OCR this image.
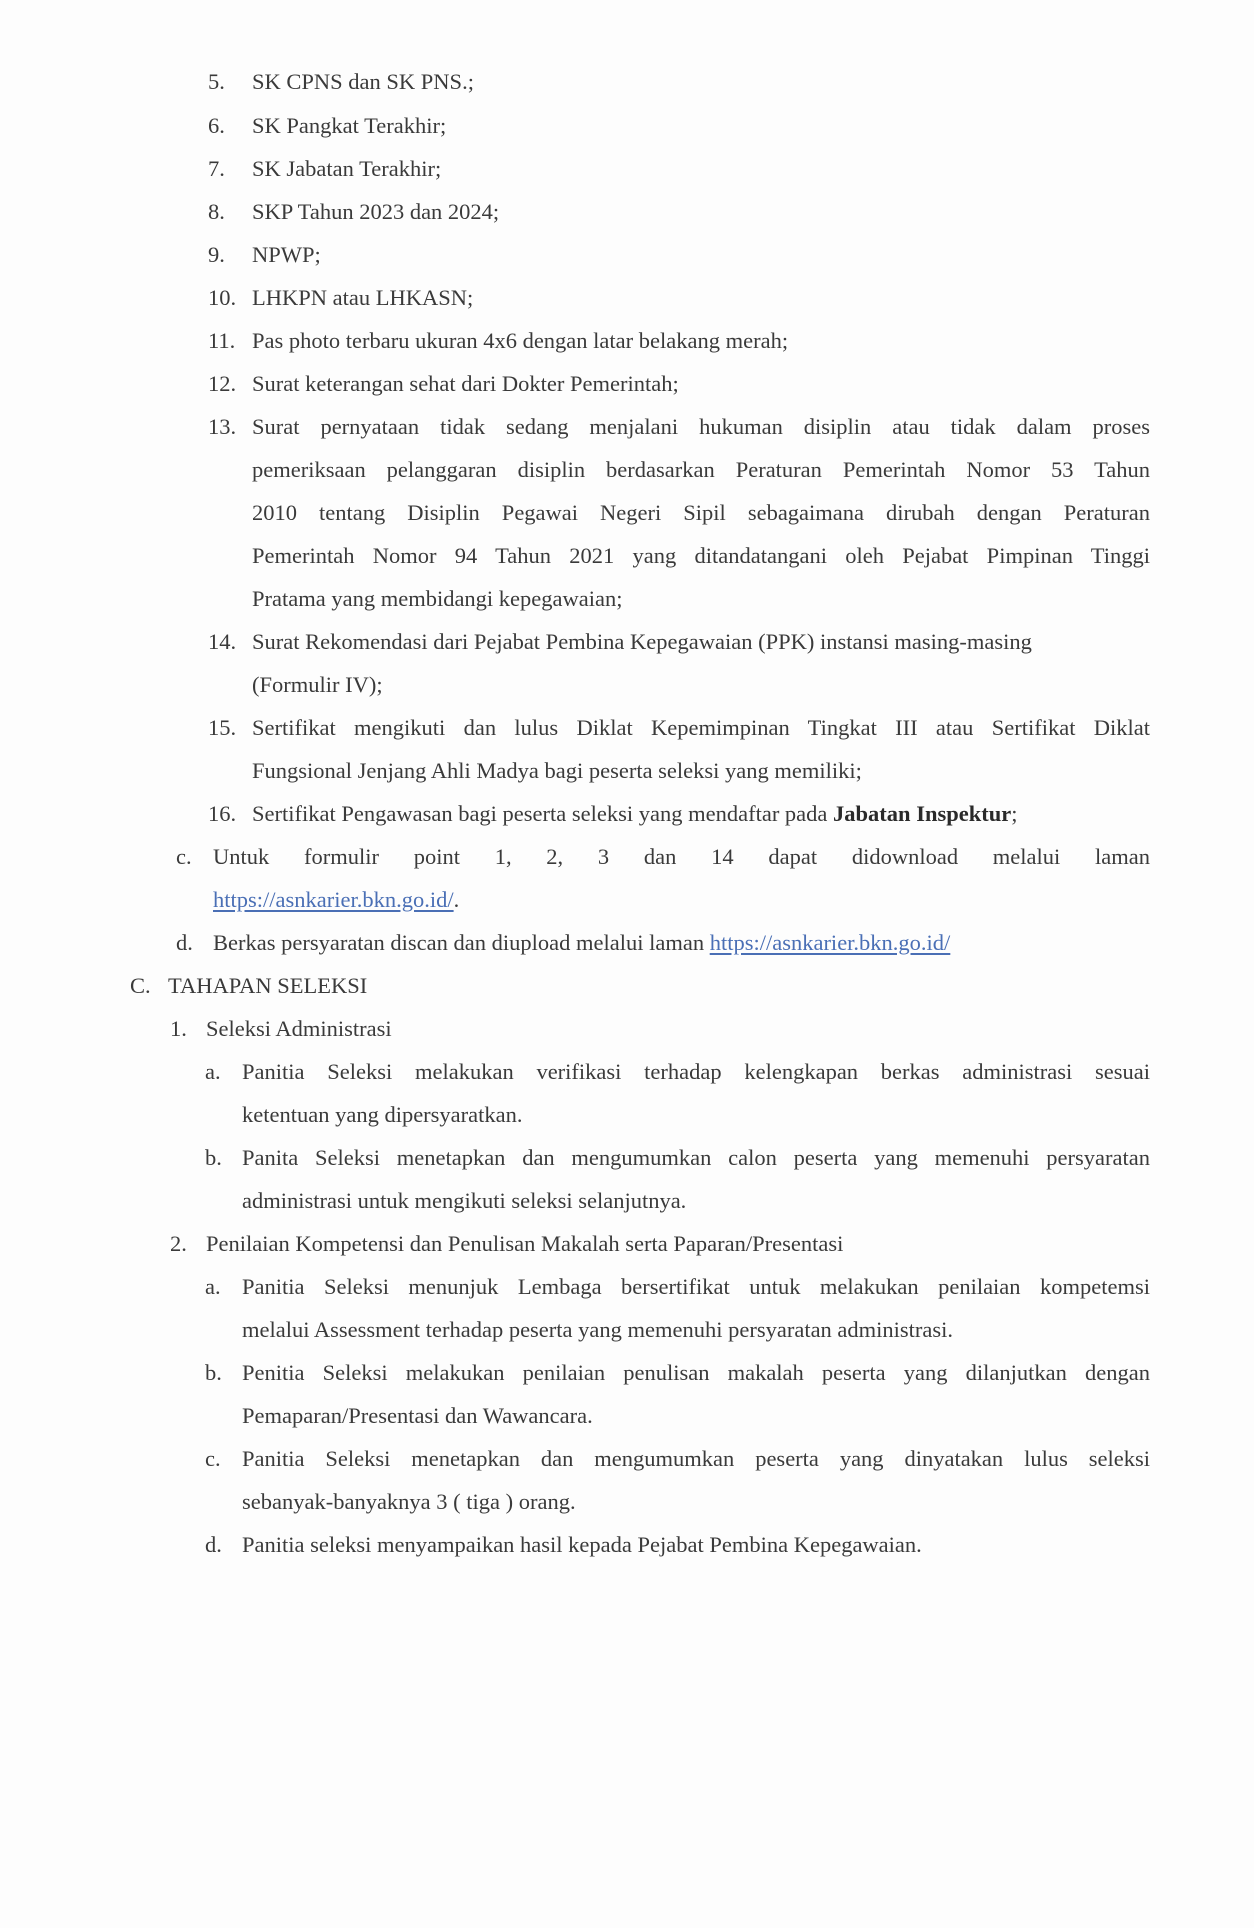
5. SK CPNS dan SK PNS.;
6. SK Pangkat Terakhir;
7. SK Jabatan Terakhir;
8. SKP Tahun 2023 dan 2024;
9. NPWP;
10. LHKPN atau LHKASN;
11. Pas photo terbaru ukuran 4x6 dengan latar belakang merah;
12. Surat keterangan sehat dari Dokter Pemerintah;
13. Surat pernyataan tidak sedang menjalani hukuman disiplin atau tidak dalam proses
pemeriksaan pelanggaran disiplin berdasarkan Peraturan Pemerintah Nomor 53 Tahun
2010 tentang Disiplin Pegawai Negeri Sipil sebagaimana dirubah dengan Peraturan
Pemerintah Nomor 94 Tahun 2021 yang ditandatangani oleh Pejabat Pimpinan Tinggi
Pratama yang membidangi kepegawaian;
14. Surat Rekomendasi dari Pejabat Pembina Kepegawaian (PPK) instansi masing-masing
(Formulir IV);
15. Sertifikat mengikuti dan lulus Diklat Kepemimpinan Tingkat III atau Sertifikat Diklat
Fungsional Jenjang Ahli Madya bagi peserta seleksi yang memiliki;
16. Sertifikat Pengawasan bagi peserta seleksi yang mendaftar pada Jabatan Inspektur;
c. Untuk formulir point 1, 2, 3 dan 14 dapat didownload melalui laman
https://asnkarier.bkn.go.id/.
d. Berkas persyaratan discan dan diupload melalui laman https://asnkarier.bkn.go.id/
C. TAHAPAN SELEKSI
1. Seleksi Administrasi
a. Panitia Seleksi melakukan verifikasi terhadap kelengkapan berkas administrasi sesuai
ketentuan yang dipersyaratkan.
b. Panita Seleksi menetapkan dan mengumumkan calon peserta yang memenuhi persyaratan
administrasi untuk mengikuti seleksi selanjutnya.
2. Penilaian Kompetensi dan Penulisan Makalah serta Paparan/Presentasi
a. Panitia Seleksi menunjuk Lembaga bersertifikat untuk melakukan penilaian kompetemsi
melalui Assessment terhadap peserta yang memenuhi persyaratan administrasi.
b. Penitia Seleksi melakukan penilaian penulisan makalah peserta yang dilanjutkan dengan
Pemaparan/Presentasi dan Wawancara.
c. Panitia Seleksi menetapkan dan mengumumkan peserta yang dinyatakan lulus seleksi
sebanyak-banyaknya 3 ( tiga ) orang.
d. Panitia seleksi menyampaikan hasil kepada Pejabat Pembina Kepegawaian.
